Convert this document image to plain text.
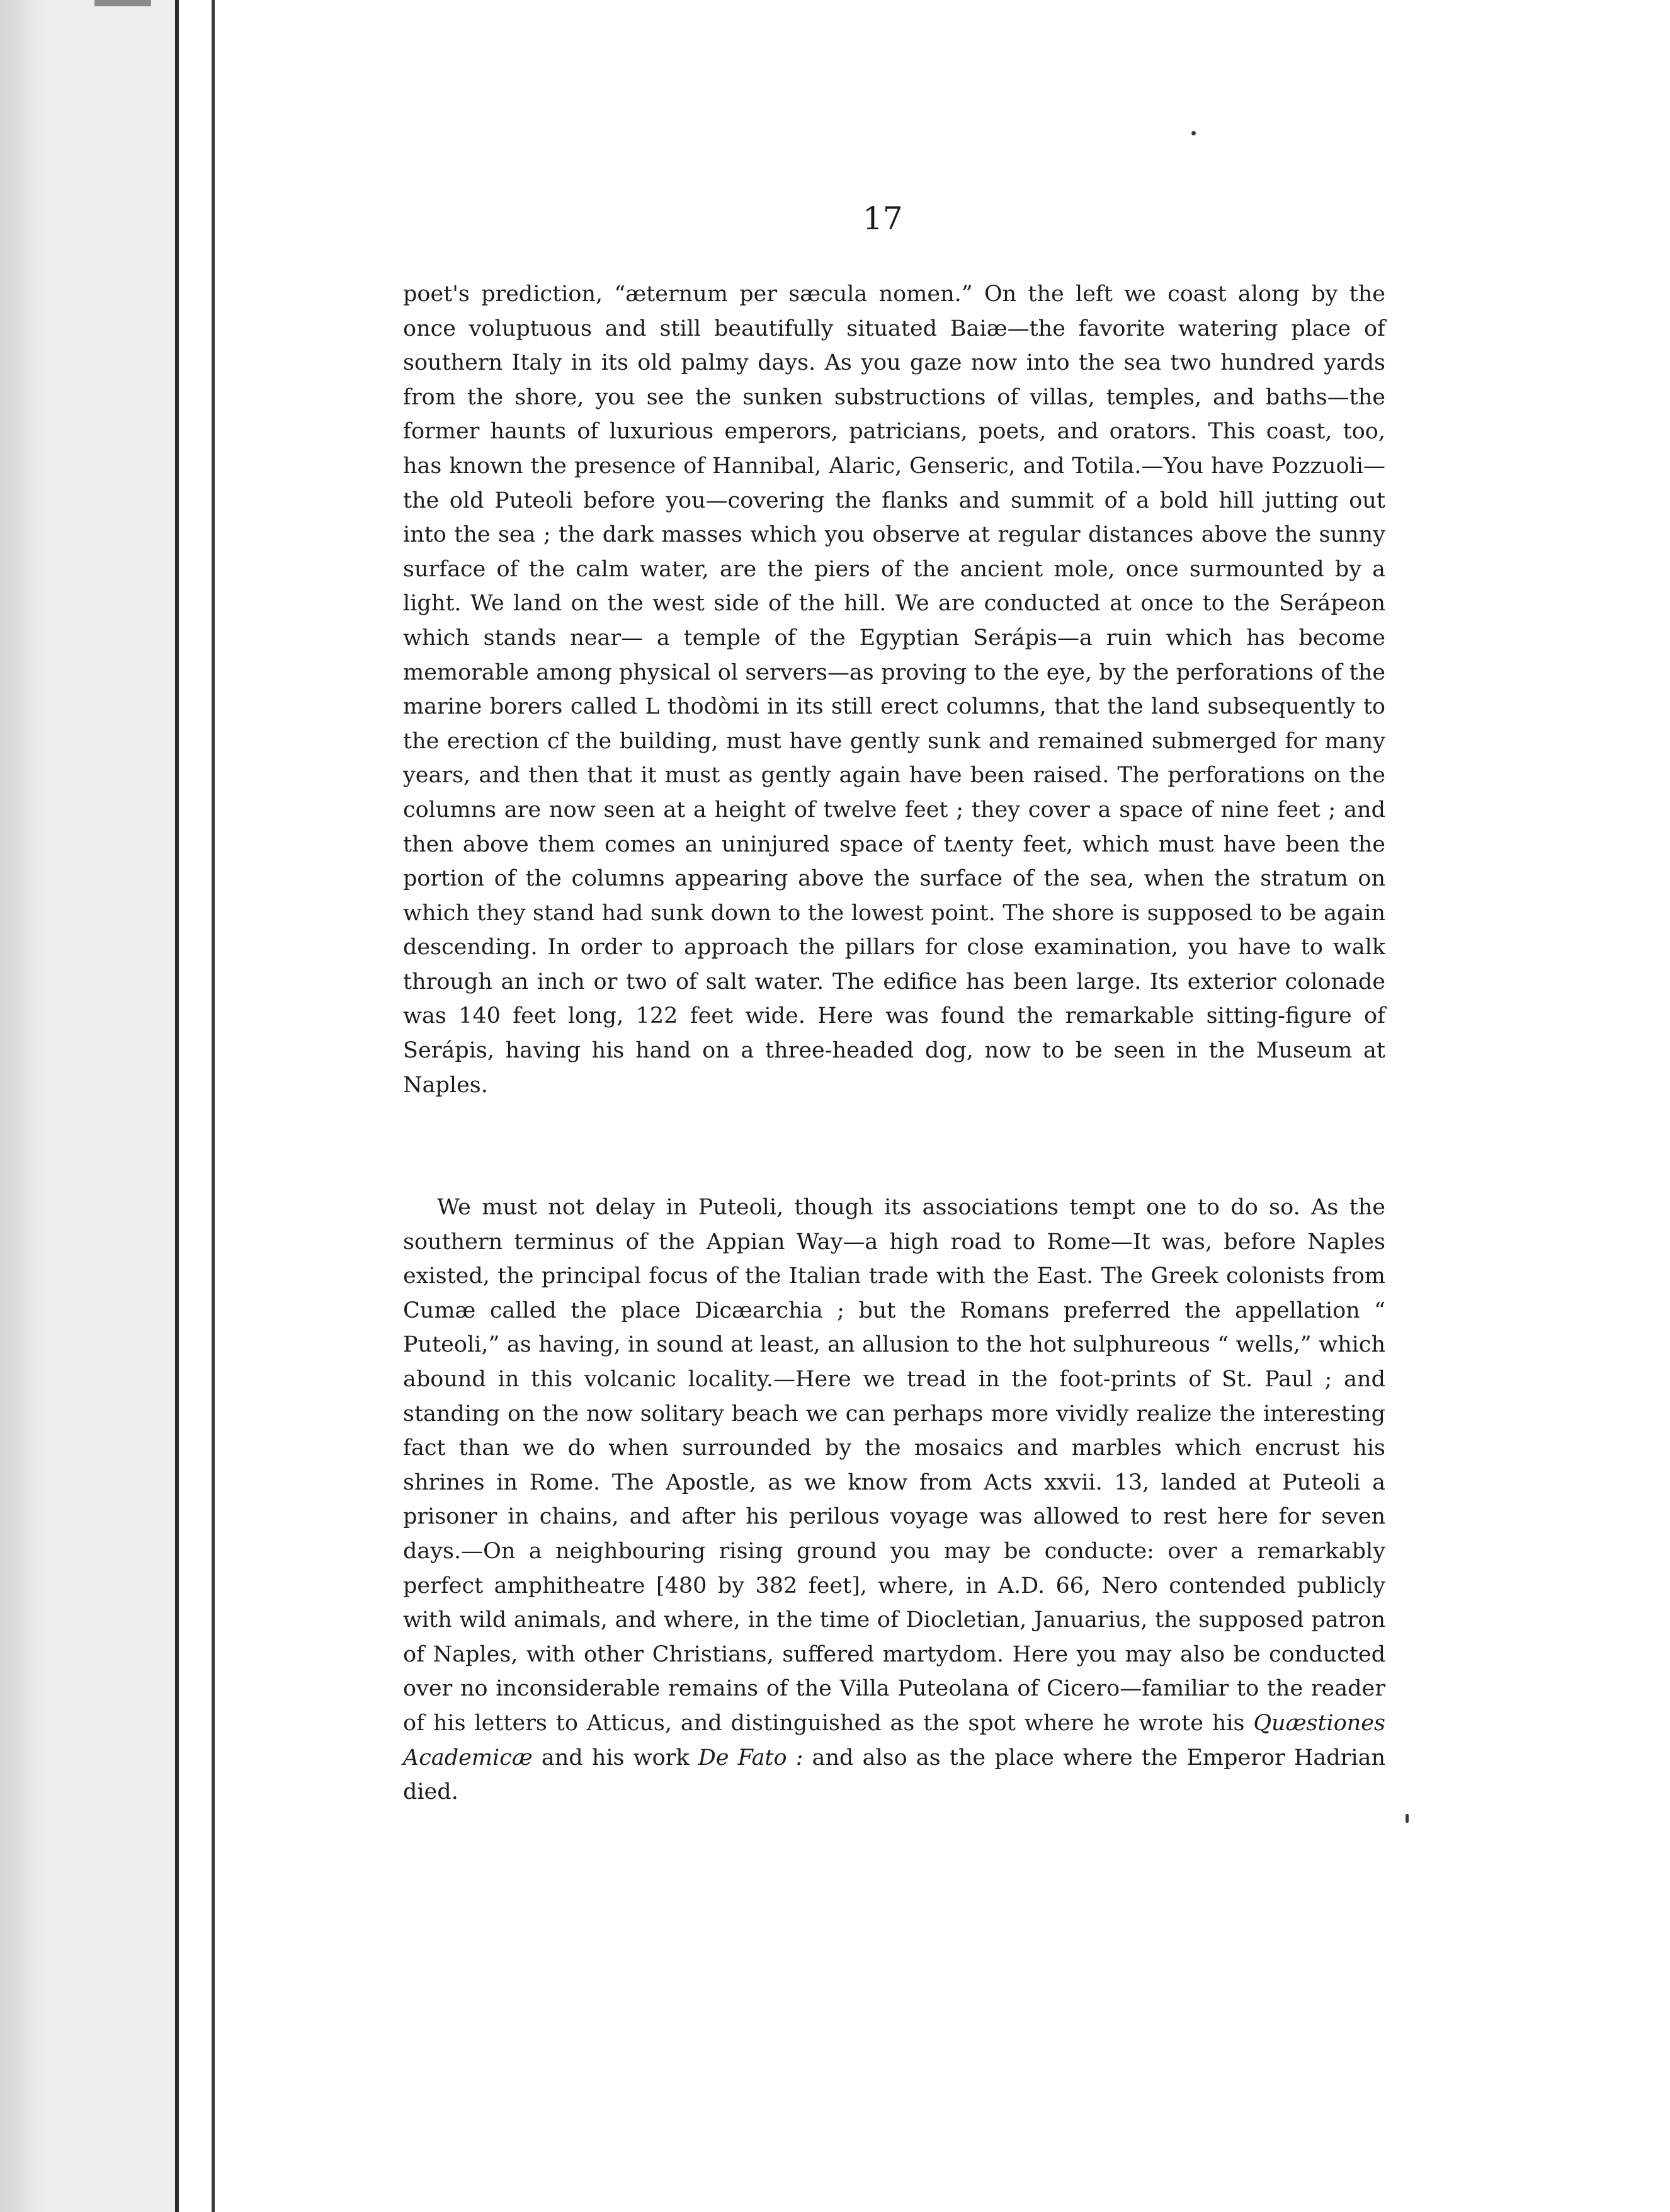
17
poet's prediction, “æternum per sæcula nomen.” On the left we coast along by the once voluptuous and still beautifully situated Baiæ—the favorite watering place of southern Italy in its old palmy days. As you gaze now into the sea two hundred yards from the shore, you see the sunken substructions of villas, temples, and baths—the former haunts of luxurious emperors, patricians, poets, and orators. This coast, too, has known the presence of Hannibal, Alaric, Genseric, and Totila.—You have Pozzuoli—the old Puteoli before you—covering the flanks and summit of a bold hill jutting out into the sea ; the dark masses which you observe at regular distances above the sunny surface of the calm water, are the piers of the ancient mole, once surmounted by a light. We land on the west side of the hill. We are conducted at once to the Serápeon which stands near— a temple of the Egyptian Serápis—a ruin which has become memorable among physical ol servers—as proving to the eye, by the perforations of the marine borers called L thodòmi in its still erect columns, that the land subsequently to the erection сf the building, must have gently sunk and remained submerged for many years, and then that it must as gently again have been raised. The perforations on the columns are now seen at a height of twelve feet ; they cover a space of nine feet ; and then above them comes an uninjured space of tʌenty feet, which must have been the portion of the columns appearing above the surface of the sea, when the stratum on which they stand had sunk down to the lowest point. The shore is supposed to be again descending. In order to approach the pillars for close examination, you have to walk through an inch or two of salt water. The edifice has been large. Its exterior colonade waѕ 140 feet long, 122 feet wide. Here was found the remarkable sitting-figure of Serápis, having his hand on a three-headed dog, now to be seen in the Museum at Naples.
We must not delay in Puteoli, though its associations tempt one to do so. As the southern terminus of the Appian Way—a high road to Rome—It was, before Naples existed, the principal focus of the Italian trade with the East. The Greek colonists from Cumæ called the place Dicæarchia ; but the Romans preferred the appellation “ Puteoli,” as having, in sound at least, an allusion to the hot sulphureous “ wells,” which abound in this volcanic locality.—Here we tread in the foot-prints of St. Paul ; and standing on the now solitary beach we can perhaps more vividly realize the interesting fact than we do when surrounded by the mosaics and marbles which encrust his shrines in Rome. The Apostle, as we know from Acts xxvii. 13, landed at Puteoli a prisoner in chains, and after his perilous voyage was allowed to rest here for seven days.—On a neighbouring rising ground you may be conducte։ over a remarkably perfect amphitheatre [480 by 382 feet], where, in A.D. 66, Nero contended publicly with wild animals, and where, in the time of Diocletian, Januarius, the supposed patron оf Naples, with other Christians, suffered martydom. Here you may also be conducted over no inconsiderable remains of the Villa Puteolana of Cicero—familiar to the reader of his letters to Atticus, and distinguished as the spot where he wrote his Quæstiones Academicæ and his work De Fato : and also as the place where the Emperor Hadrian died.
